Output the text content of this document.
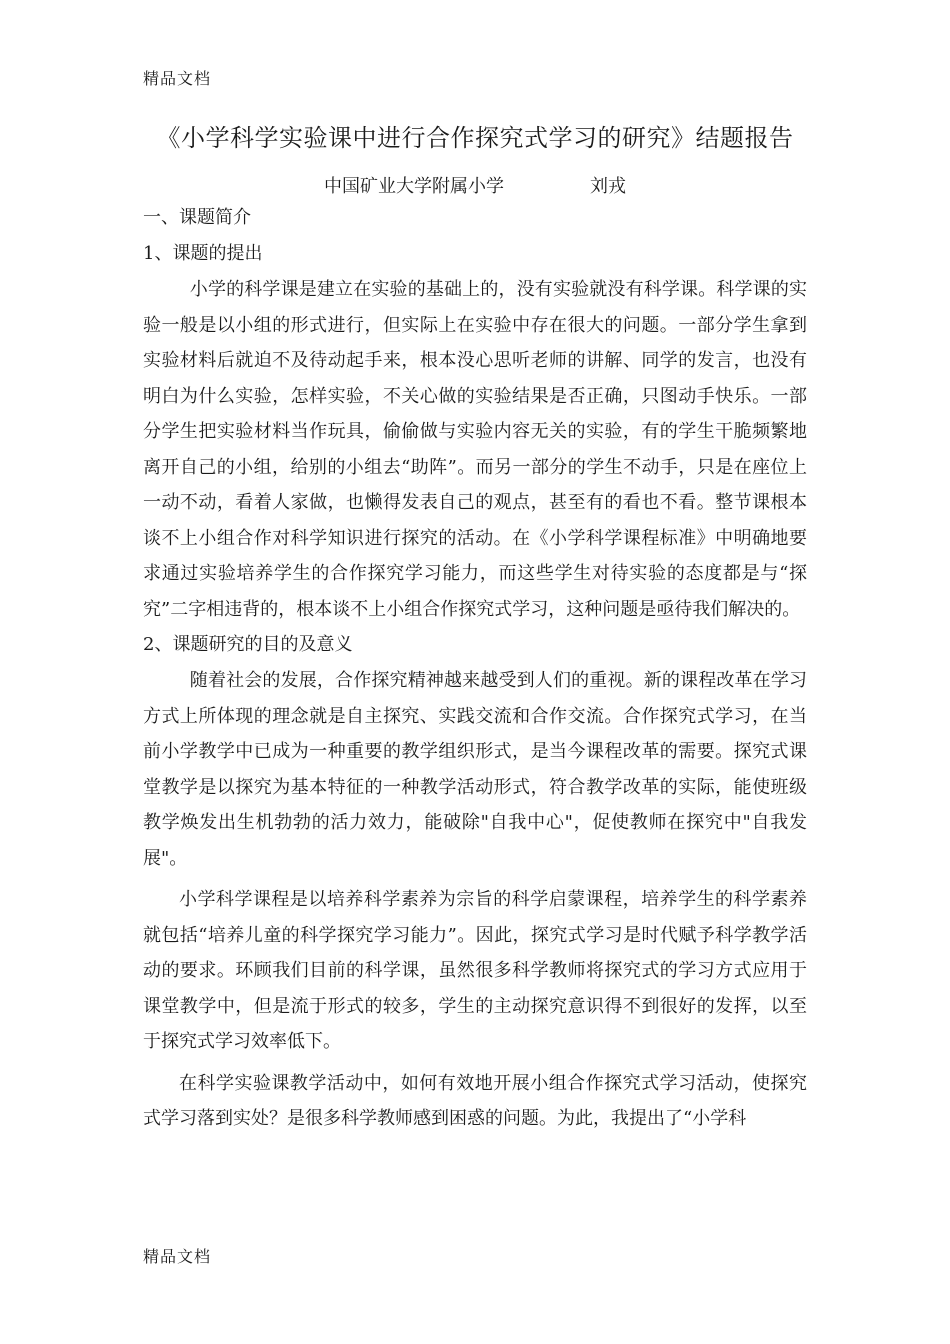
精品文档
《小学科学实验课中进行合作探究式学习的研究》结题报告
中国矿业大学附属小学	刘戎

一、课题简介

1、课题的提出

小学的科学课是建立在实验的基础上的，没有实验就没有科学课。科学课的实验一般是以小组的形式进行，但实际上在实验中存在很大的问题。一部分学生拿到实验材料后就迫不及待动起手来，根本没心思听老师的讲解、同学的发言，也没有明白为什么实验，怎样实验，不关心做的实验结果是否正确，只图动手快乐。一部分学生把实验材料当作玩具，偷偷做与实验内容无关的实验，有的学生干脆频繁地离开自己的小组，给别的小组去“助阵”。而另一部分的学生不动手，只是在座位上一动不动，看着人家做，也懒得发表自己的观点，甚至有的看也不看。整节课根本谈不上小组合作对科学知识进行探究的活动。在《小学科学课程标准》中明确地要求通过实验培养学生的合作探究学习能力，而这些学生对待实验的态度都是与“探究”二字相违背的，根本谈不上小组合作探究式学习，这种问题是亟待我们解决的。

2、课题研究的目的及意义

随着社会的发展，合作探究精神越来越受到人们的重视。新的课程改革在学习方式上所体现的理念就是自主探究、实践交流和合作交流。合作探究式学习，在当前小学教学中已成为一种重要的教学组织形式，是当今课程改革的需要。探究式课堂教学是以探究为基本特征的一种教学活动形式，符合教学改革的实际，能使班级教学焕发出生机勃勃的活力效力，能破除"自我中心"，促使教师在探究中"自我发展"。

小学科学课程是以培养科学素养为宗旨的科学启蒙课程，培养学生的科学素养就包括“培养儿童的科学探究学习能力”。因此，探究式学习是时代赋予科学教学活动的要求。环顾我们目前的科学课，虽然很多科学教师将探究式的学习方式应用于课堂教学中，但是流于形式的较多，学生的主动探究意识得不到很好的发挥，以至于探究式学习效率低下。

在科学实验课教学活动中，如何有效地开展小组合作探究式学习活动，使探究式学习落到实处？是很多科学教师感到困惑的问题。为此，我提出了“小学科

精品文档
